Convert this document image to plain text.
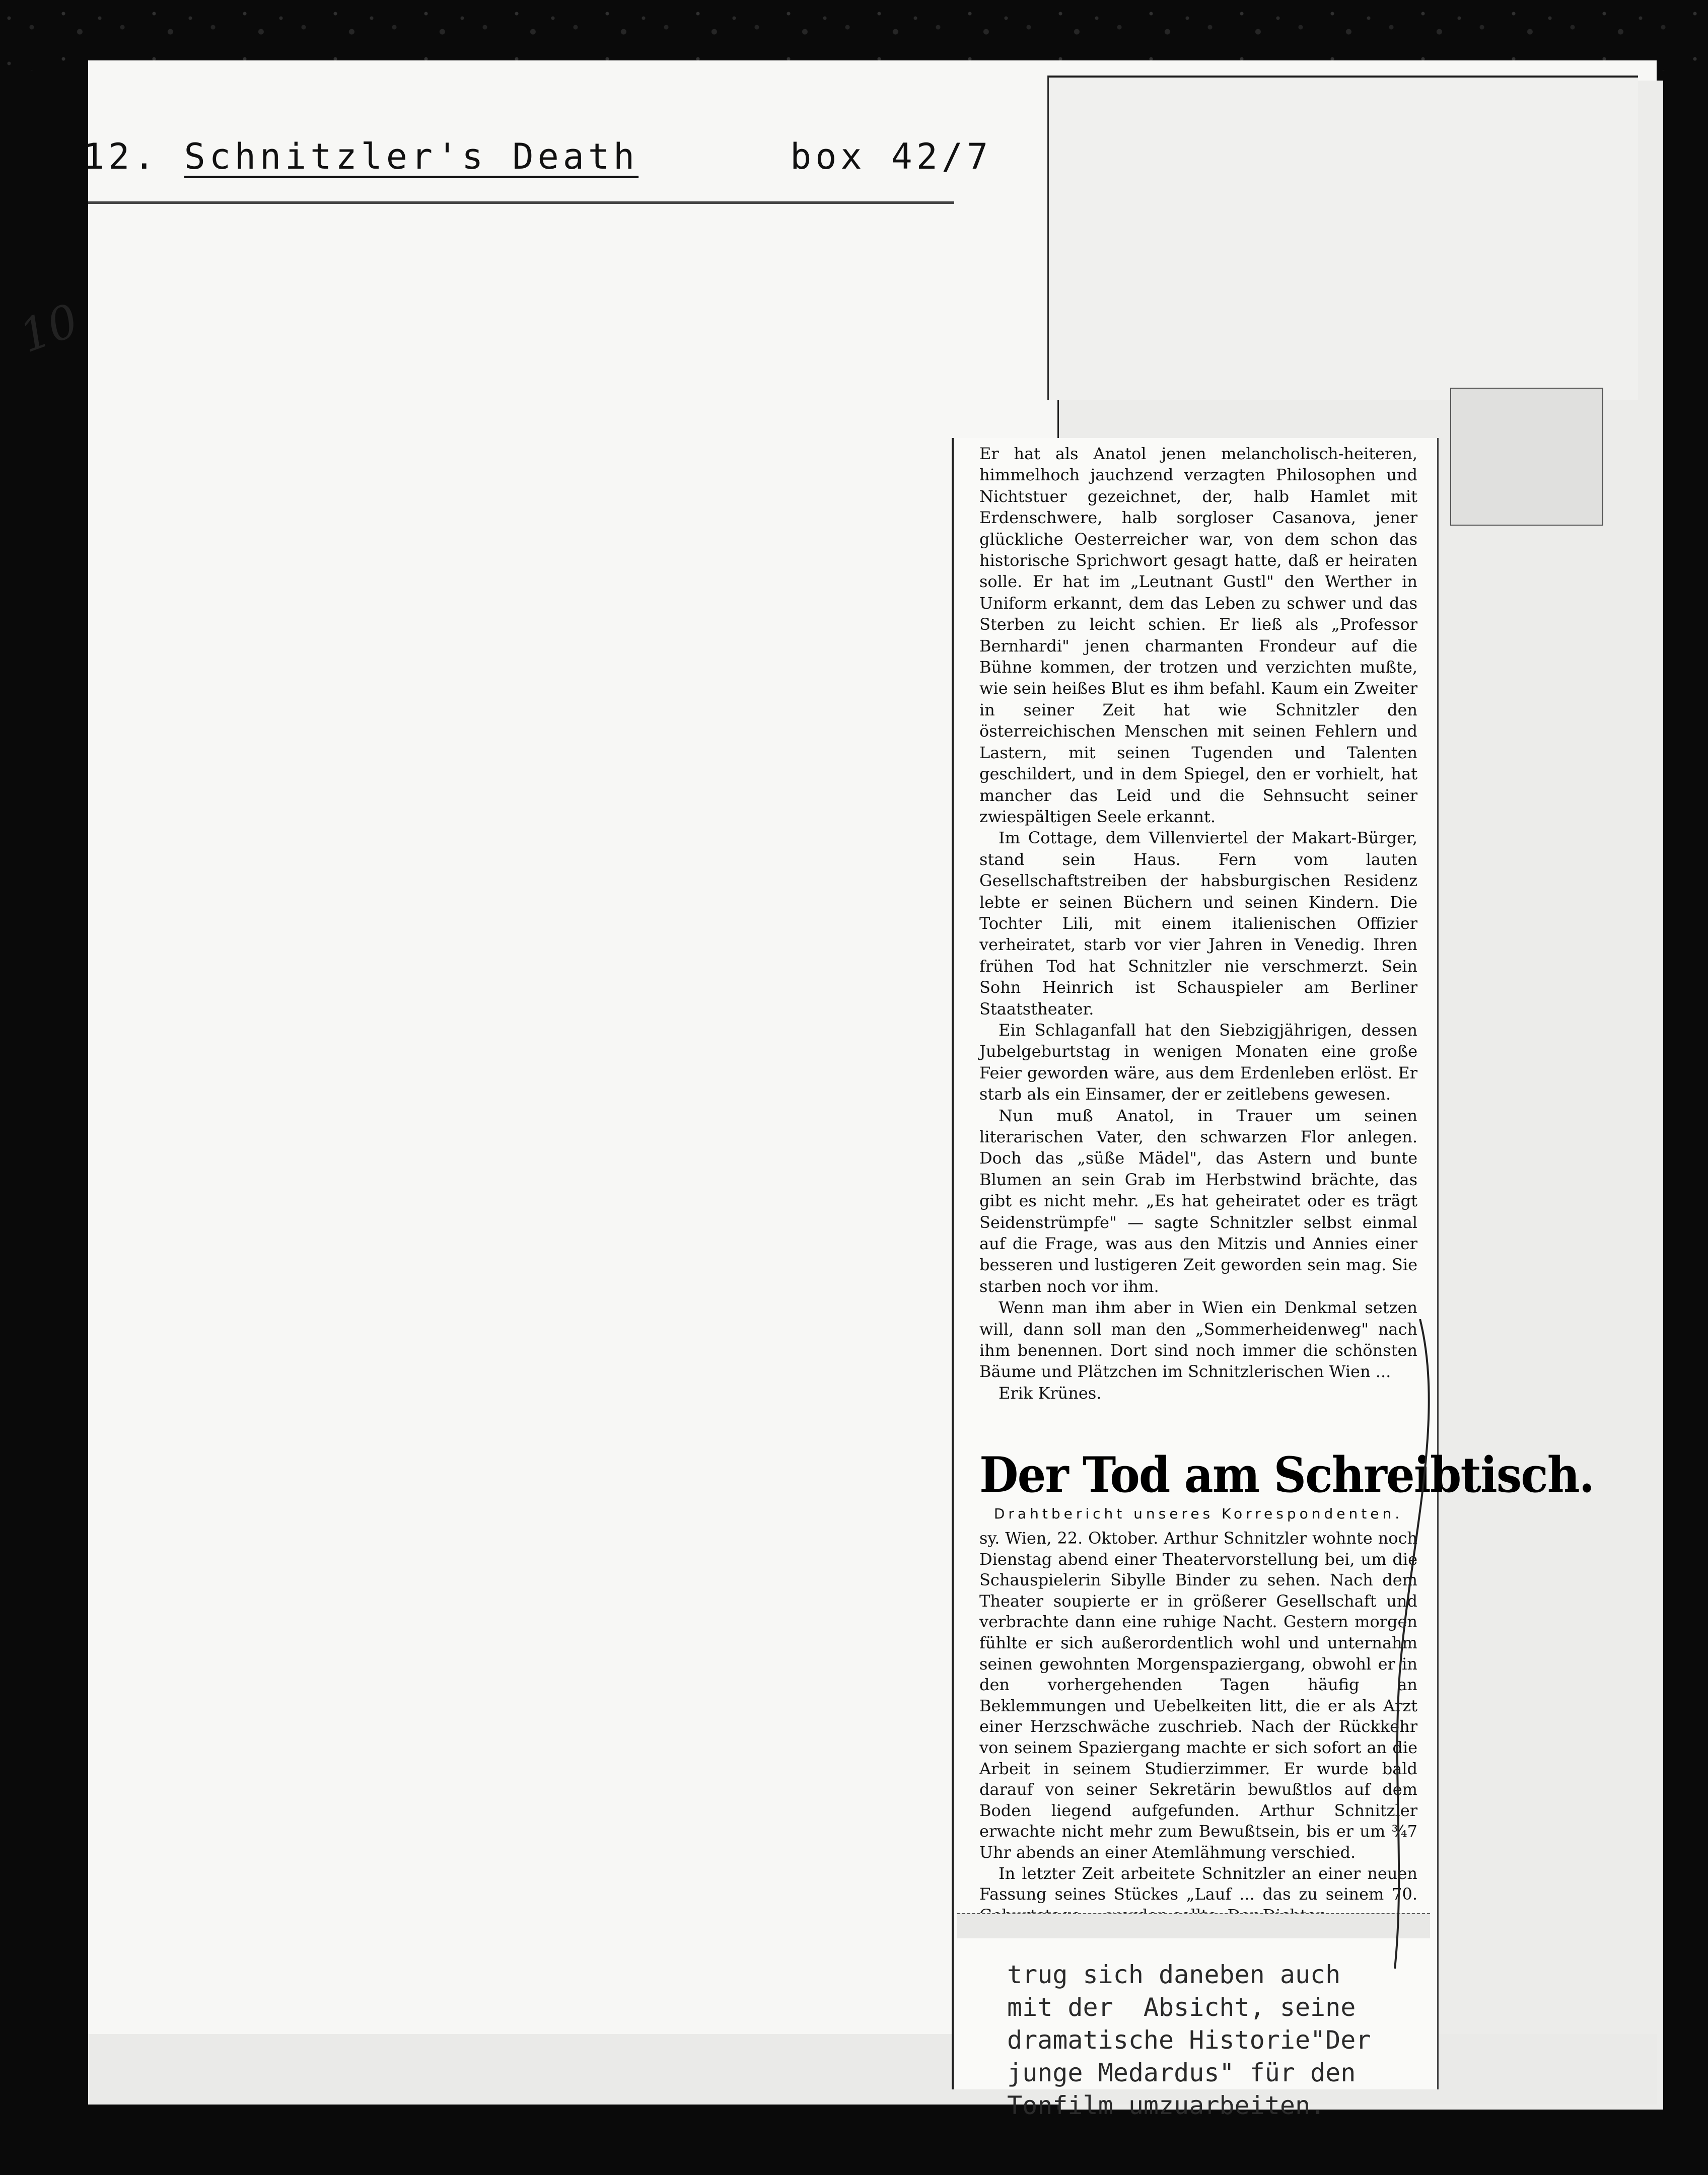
12. Schnitzler's Death	box 42/7
10

Er hat als Anatol jenen melancholisch-heiteren, himmelhoch jauchzend verzagten Philosophen und Nichtstuer gezeichnet, der, halb Hamlet mit Erdenschwere, halb sorgloser Casanova, jener glückliche Oesterreicher war, von dem schon das historische Sprichwort gesagt hatte, daß er heiraten solle. Er hat im „Leutnant Gustl" den Werther in Uniform erkannt, dem das Leben zu schwer und das Sterben zu leicht schien. Er ließ als „Professor Bernhardi" jenen charmanten Frondeur auf die Bühne kommen, der trotzen und verzichten mußte, wie sein heißes Blut es ihm befahl. Kaum ein Zweiter in seiner Zeit hat wie Schnitzler den österreichischen Menschen mit seinen Fehlern und Lastern, mit seinen Tugenden und Talenten geschildert, und in dem Spiegel, den er vorhielt, hat mancher das Leid und die Sehnsucht seiner zwiespältigen Seele erkannt.

Im Cottage, dem Villenviertel der Makart-Bürger, stand sein Haus. Fern vom lauten Gesellschaftstreiben der habsburgischen Residenz lebte er seinen Büchern und seinen Kindern. Die Tochter Lili, mit einem italienischen Offizier verheiratet, starb vor vier Jahren in Venedig. Ihren frühen Tod hat Schnitzler nie verschmerzt. Sein Sohn Heinrich ist Schauspieler am Berliner Staatstheater.

Ein Schlaganfall hat den Siebzigjährigen, dessen Jubelgeburtstag in wenigen Monaten eine große Feier geworden wäre, aus dem Erdenleben erlöst. Er starb als ein Einsamer, der er zeitlebens gewesen.

Nun muß Anatol, in Trauer um seinen literarischen Vater, den schwarzen Flor anlegen. Doch das „süße Mädel", das Astern und bunte Blumen an sein Grab im Herbstwind brächte, das gibt es nicht mehr. „Es hat geheiratet oder es trägt Seidenstrümpfe" — sagte Schnitzler selbst einmal auf die Frage, was aus den Mitzis und Annies einer besseren und lustigeren Zeit geworden sein mag. Sie starben noch vor ihm.

Wenn man ihm aber in Wien ein Denkmal setzen will, dann soll man den „Sommerheidenweg" nach ihm benennen. Dort sind noch immer die schönsten Bäume und Plätzchen im Schnitzlerischen Wien ...

Erik Krünes.

Der Tod am Schreibtisch.
Drahtbericht unseres Korrespondenten.

sy. Wien, 22. Oktober. Arthur Schnitzler wohnte noch Dienstag abend einer Theatervorstellung bei, um die Schauspielerin Sibylle Binder zu sehen. Nach dem Theater soupierte er in größerer Gesellschaft und verbrachte dann eine ruhige Nacht. Gestern morgen fühlte er sich außerordentlich wohl und unternahm seinen gewohnten Morgenspaziergang, obwohl er in den vorhergehenden Tagen häufig an Beklemmungen und Uebelkeiten litt, die er als Arzt einer Herzschwäche zuschrieb. Nach der Rückkehr von seinem Spaziergang machte er sich sofort an die Arbeit in seinem Studierzimmer. Er wurde bald darauf von seiner Sekretärin bewußtlos auf dem Boden liegend aufgefunden. Arthur Schnitzler erwachte nicht mehr zum Bewußtsein, bis er um ¾7 Uhr abends an einer Atemlähmung verschied.

In letzter Zeit arbeitete Schnitzler an einer neuen Fassung seines Stückes „Lauf ... das zu seinem 70.

trug sich daneben auch
mit der  Absicht, seine
dramatische Historie"Der
junge Medardus" für den
Tonfilm umzuarbeiten.
